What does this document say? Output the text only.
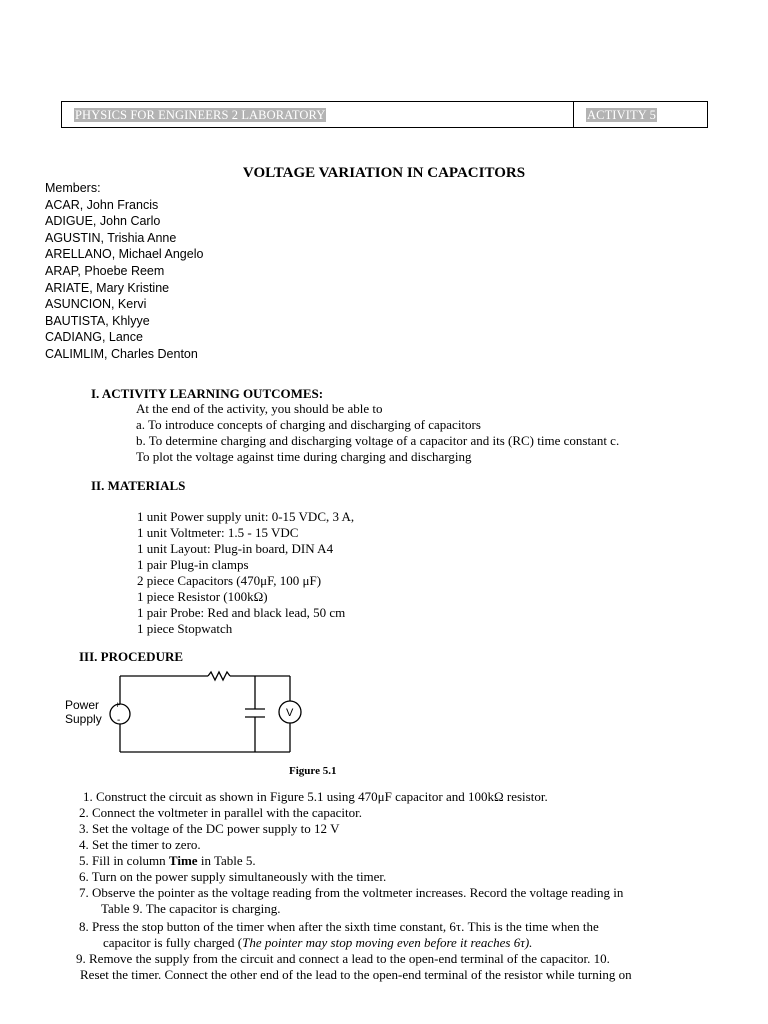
PHYSICS FOR ENGINEERS 2 LABORATORY	ACTIVITY 5
VOLTAGE VARIATION IN CAPACITORS
Members:
ACAR, John Francis
ADIGUE, John Carlo
AGUSTIN, Trishia Anne
ARELLANO, Michael Angelo
ARAP, Phoebe Reem
ARIATE, Mary Kristine
ASUNCION, Kervi
BAUTISTA, Khlyye
CADIANG, Lance
CALIMLIM, Charles Denton
I. ACTIVITY LEARNING OUTCOMES:
At the end of the activity, you should be able to
a. To introduce concepts of charging and discharging of capacitors
b. To determine charging and discharging voltage of a capacitor and its (RC) time constant c.
To plot the voltage against time during charging and discharging
II. MATERIALS
1 unit Power supply unit: 0-15 VDC, 3 A,
1 unit Voltmeter: 1.5 - 15 VDC
1 unit Layout: Plug-in board, DIN A4
1 pair Plug-in clamps
2 piece Capacitors (470μF, 100 μF)
1 piece Resistor (100kΩ)
1 pair Probe: Red and black lead, 50 cm
1 piece Stopwatch
III. PROCEDURE
+
-
V
Power
Supply
Figure 5.1
1. Construct the circuit as shown in Figure 5.1 using 470μF capacitor and 100kΩ resistor.
2. Connect the voltmeter in parallel with the capacitor.
3. Set the voltage of the DC power supply to 12 V
4. Set the timer to zero.
5. Fill in column Time in Table 5.
6. Turn on the power supply simultaneously with the timer.
7. Observe the pointer as the voltage reading from the voltmeter increases. Record the voltage reading in
Table 9. The capacitor is charging.
8. Press the stop button of the timer when after the sixth time constant, 6τ. This is the time when the
capacitor is fully charged (The pointer may stop moving even before it reaches 6τ).
9. Remove the supply from the circuit and connect a lead to the open-end terminal of the capacitor. 10.
Reset the timer. Connect the other end of the lead to the open-end terminal of the resistor while turning on
